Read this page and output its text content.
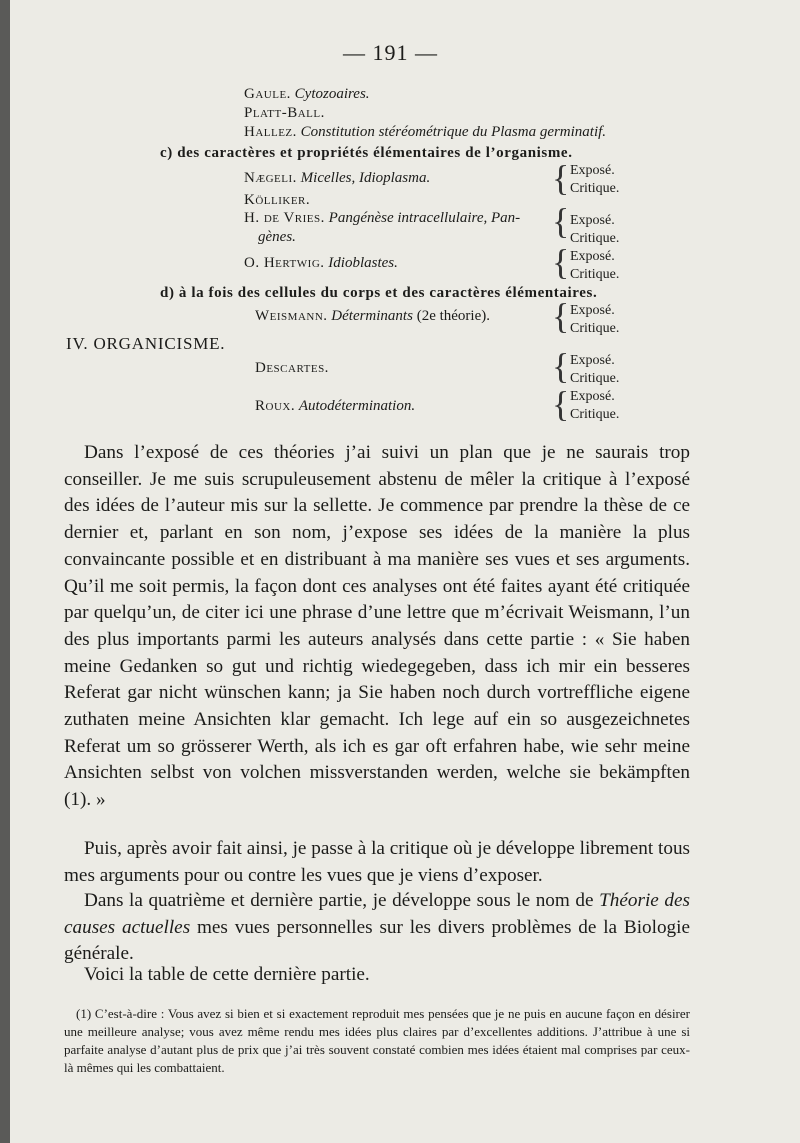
— 191 —
Gaule. Cytozoaires.
Platt-Ball.
Hallez. Constitution stéréométrique du Plasma germinatif.
c) des caractères et propriétés élémentaires de l’organisme.
Nægeli. Micelles, Idioplasma.	{ Exposé.
Critique.
Kölliker.
H. de Vries. Pangénèse intracellulaire, Pan-
gènes.	{ Exposé.
Critique.
O. Hertwig. Idioblastes.	{ Exposé.
Critique.
d) à la fois des cellules du corps et des caractères élémentaires.
Weismann. Déterminants (2e théorie). { Exposé.
Critique.
IV. ORGANICISME.
Descartes.	{ Exposé.
Critique.
Roux. Autodétermination.	{ Exposé.
Critique.

Dans l’exposé de ces théories j’ai suivi un plan que je ne saurais trop conseiller. Je me suis scrupuleusement abstenu de mêler la critique à l’exposé des idées de l’auteur mis sur la sellette. Je commence par prendre la thèse de ce dernier et, parlant en son nom, j’expose ses idées de la manière la plus convaincante possible et en distribuant à ma manière ses vues et ses arguments. Qu’il me soit permis, la façon dont ces analyses ont été faites ayant été critiquée par quelqu’un, de citer ici une phrase d’une lettre que m’écrivait Weismann, l’un des plus importants parmi les auteurs analysés dans cette partie : « Sie haben meine Gedanken so gut und richtig wiedegegeben, dass ich mir ein besseres Referat gar nicht wünschen kann; ja Sie haben noch durch vortreffliche eigene zuthaten meine Ansichten klar gemacht. Ich lege auf ein so ausgezeichnetes Referat um so grösserer Werth, als ich es gar oft erfahren habe, wie sehr meine Ansichten selbst von volchen missverstanden werden, welche sie bekämpften (1). »

Puis, après avoir fait ainsi, je passe à la critique où je développe librement tous mes arguments pour ou contre les vues que je viens d’exposer.

Dans la quatrième et dernière partie, je développe sous le nom de Théorie des causes actuelles mes vues personnelles sur les divers problèmes de la Biologie générale.

Voici la table de cette dernière partie.

(1) C’est-à-dire : Vous avez si bien et si exactement reproduit mes pensées que je ne puis en aucune façon en désirer une meilleure analyse; vous avez même rendu mes idées plus claires par d’excellentes additions. J’attribue à une si parfaite analyse d’autant plus de prix que j’ai très souvent constaté combien mes idées étaient mal comprises par ceux-là mêmes qui les combattaient.
